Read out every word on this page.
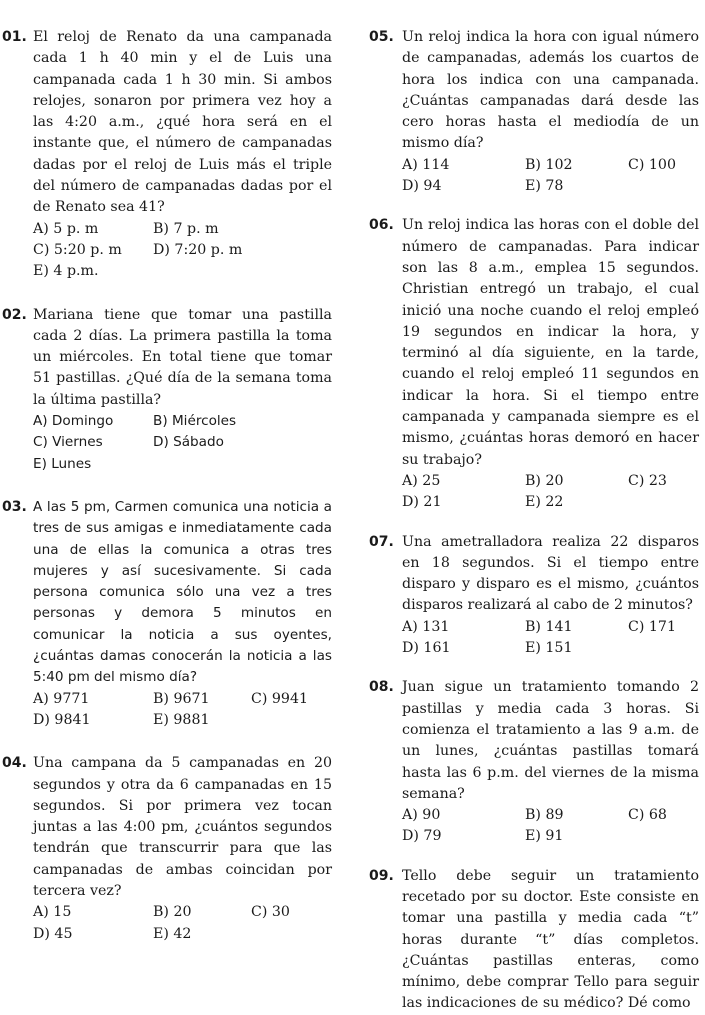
01. El reloj de Renato da una campanada cada 1 h 40 min y el de Luis una campanada cada 1 h 30 min. Si ambos relojes, sonaron por primera vez hoy a las 4:20 a.m., ¿qué hora será en el instante que, el número de campanadas dadas por el reloj de Luis más el triple del número de campanadas dadas por el de Renato sea 41?

A) 5 p. m	B) 7 p. m
C) 5:20 p. m	D) 7:20 p. m
E) 4 p.m.
02. Mariana tiene que tomar una pastilla cada 2 días. La primera pastilla la toma un miércoles. En total tiene que tomar 51 pastillas. ¿Qué día de la semana toma la última pastilla?

A) Domingo	B) Miércoles
C) Viernes	D) Sábado
E) Lunes
03. A las 5 pm, Carmen comunica una noticia a tres de sus amigas e inmediatamente cada una de ellas la comunica a otras tres mujeres y así sucesivamente. Si cada persona comunica sólo una vez a tres personas y demora 5 minutos en comunicar la noticia a sus oyentes, ¿cuántas damas conocerán la noticia a las 5:40 pm del mismo día?

A) 9771	B) 9671	C) 9941
D) 9841	E) 9881
04. Una campana da 5 campanadas en 20 segundos y otra da 6 campanadas en 15 segundos. Si por primera vez tocan juntas a las 4:00 pm, ¿cuántos segundos tendrán que transcurrir para que las campanadas de ambas coincidan por tercera vez?

A) 15	B) 20	C) 30
D) 45	E) 42
05. Un reloj indica la hora con igual número de campanadas, además los cuartos de hora los indica con una campanada. ¿Cuántas campanadas dará desde las cero horas hasta el mediodía de un mismo día?

A) 114	B) 102	C) 100
D) 94	E) 78
06. Un reloj indica las horas con el doble del número de campanadas. Para indicar son las 8 a.m., emplea 15 segundos. Christian entregó un trabajo, el cual inició una noche cuando el reloj empleó 19 segundos en indicar la hora, y terminó al día siguiente, en la tarde, cuando el reloj empleó 11 segundos en indicar la hora. Si el tiempo entre campanada y campanada siempre es el mismo, ¿cuántas horas demoró en hacer su trabajo?

A) 25	B) 20	C) 23
D) 21	E) 22
07. Una ametralladora realiza 22 disparos en 18 segundos. Si el tiempo entre disparo y disparo es el mismo, ¿cuántos disparos realizará al cabo de 2 minutos?

A) 131	B) 141	C) 171
D) 161	E) 151
08. Juan sigue un tratamiento tomando 2 pastillas y media cada 3 horas. Si comienza el tratamiento a las 9 a.m. de un lunes, ¿cuántas pastillas tomará hasta las 6 p.m. del viernes de la misma semana?

A) 90	B) 89	C) 68
D) 79	E) 91
09. Tello debe seguir un tratamiento recetado por su doctor. Este consiste en tomar una pastilla y media cada “t” horas durante “t” días completos. ¿Cuántas pastillas enteras, como mínimo, debe comprar Tello para seguir las indicaciones de su médico? Dé como
